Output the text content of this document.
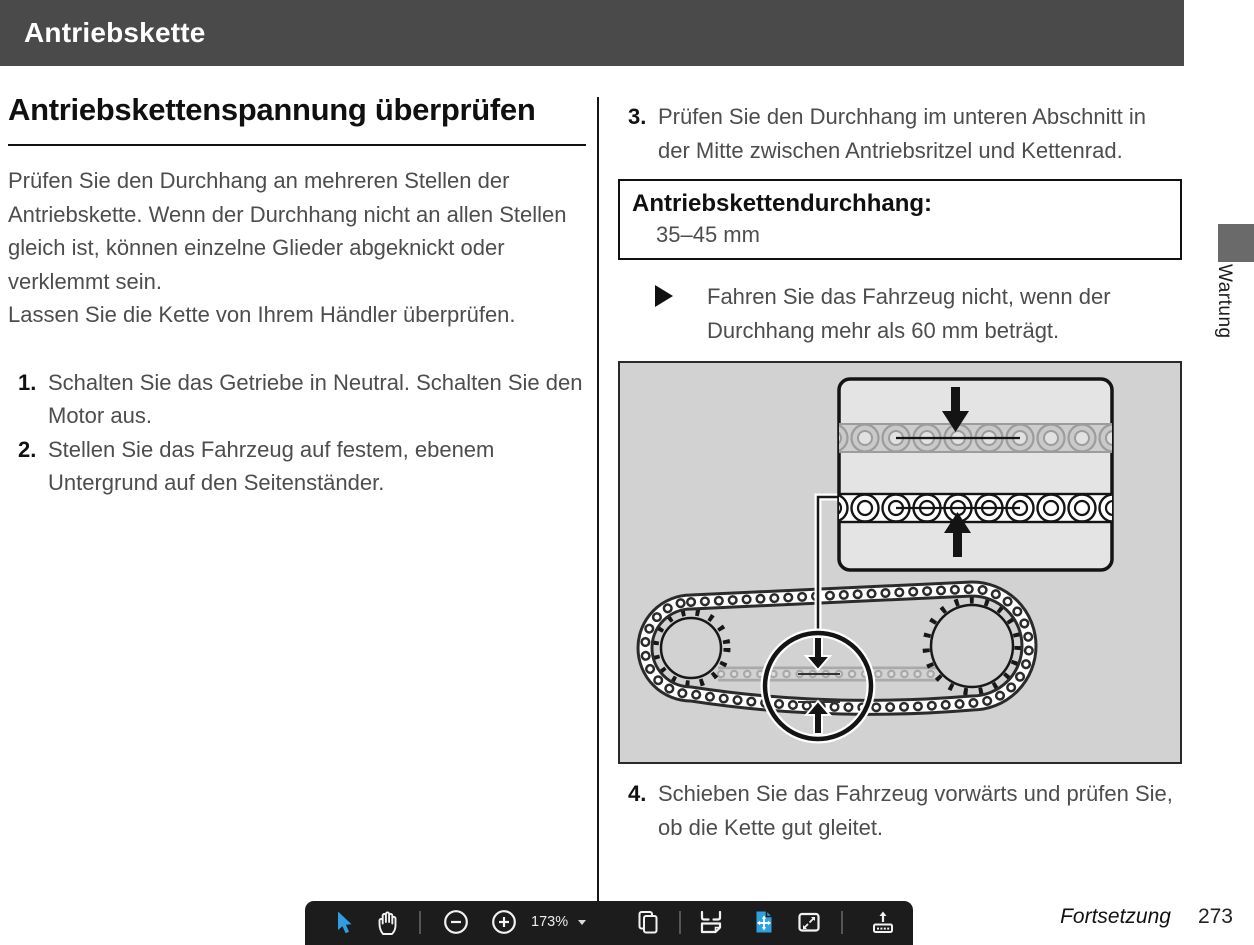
Antriebskette
Antriebskettenspannung überprüfen
Prüfen Sie den Durchhang an mehreren Stellen der Antriebskette. Wenn der Durchhang nicht an allen Stellen gleich ist, können einzelne Glieder abgeknickt oder verklemmt sein.
Lassen Sie die Kette von Ihrem Händler überprüfen.
1. Schalten Sie das Getriebe in Neutral. Schalten Sie den Motor aus.
2. Stellen Sie das Fahrzeug auf festem, ebenem Untergrund auf den Seitenständer.
3. Prüfen Sie den Durchhang im unteren Abschnitt in der Mitte zwischen Antriebsritzel und Kettenrad.
Antriebskettendurchhang:
35–45 mm
Fahren Sie das Fahrzeug nicht, wenn der Durchhang mehr als 60 mm beträgt.
4. Schieben Sie das Fahrzeug vorwärts und prüfen Sie, ob die Kette gut gleitet.
Wartung
Fortsetzung 273
173%
